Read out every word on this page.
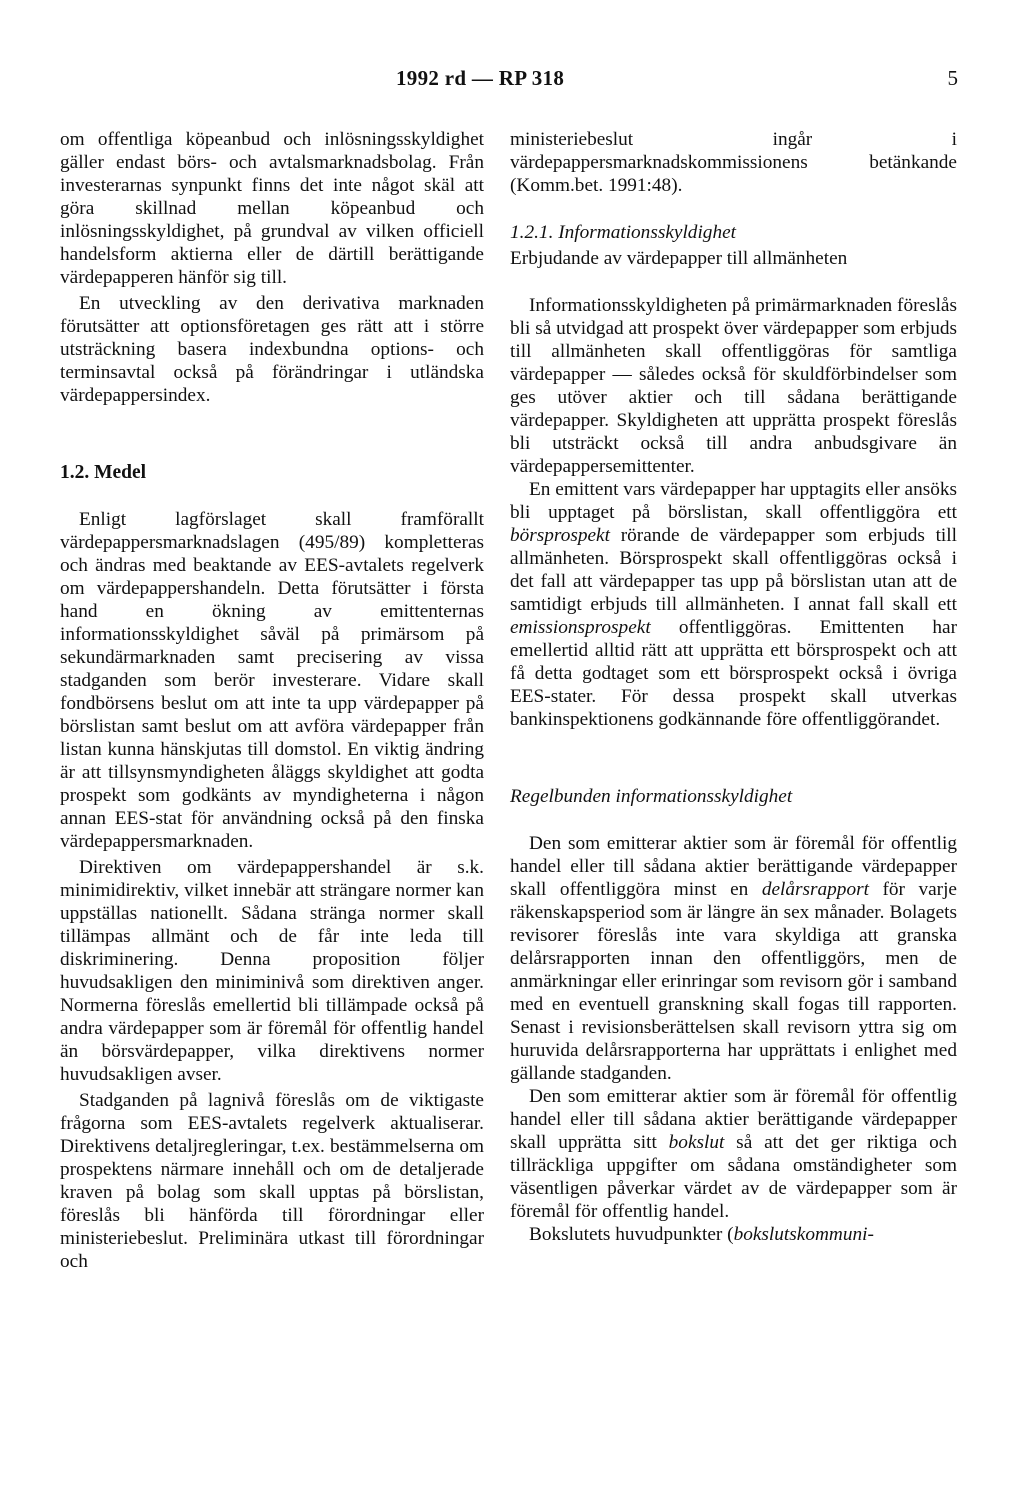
1992 rd — RP 318	5

om offentliga köpeanbud och inlösningsskyldighet gäller endast börs- och avtalsmarknadsbolag. Från investerarnas synpunkt finns det inte något skäl att göra skillnad mellan köpeanbud och inlösningsskyldighet, på grundval av vilken officiell handelsform aktierna eller de därtill berättigande värdepapperen hänför sig till.

En utveckling av den derivativa marknaden förutsätter att optionsföretagen ges rätt att i större utsträckning basera indexbundna options- och terminsavtal också på förändringar i utländska värdepappersindex.

1.2. Medel

Enligt lagförslaget skall framförallt värdepappersmarknadslagen (495/89) kompletteras och ändras med beaktande av EES-avtalets regelverk om värdepappershandeln. Detta förutsätter i första hand en ökning av emittenternas informationsskyldighet såväl på primärsom på sekundärmarknaden samt precisering av vissa stadganden som berör investerare. Vidare skall fondbörsens beslut om att inte ta upp värdepapper på börslistan samt beslut om att avföra värdepapper från listan kunna hänskjutas till domstol. En viktig ändring är att tillsynsmyndigheten åläggs skyldighet att godta prospekt som godkänts av myndigheterna i någon annan EES-stat för användning också på den finska värdepappersmarknaden.

Direktiven om värdepappershandel är s.k. minimidirektiv, vilket innebär att strängare normer kan uppställas nationellt. Sådana stränga normer skall tillämpas allmänt och de får inte leda till diskriminering. Denna proposition följer huvudsakligen den miniminivå som direktiven anger. Normerna föreslås emellertid bli tillämpade också på andra värdepapper som är föremål för offentlig handel än börsvärdepapper, vilka direktivens normer huvudsakligen avser.

Stadganden på lagnivå föreslås om de viktigaste frågorna som EES-avtalets regelverk aktualiserar. Direktivens detaljregleringar, t.ex. bestämmelserna om prospektens närmare innehåll och om de detaljerade kraven på bolag som skall upptas på börslistan, föreslås bli hänförda till förordningar eller ministeriebeslut. Preliminära utkast till förordningar och

ministeriebeslut ingår i värdepappersmarknadskommissionens betänkande (Komm.bet. 1991:48).

1.2.1. Informationsskyldighet

Erbjudande av värdepapper till allmänheten

Informationsskyldigheten på primärmarknaden föreslås bli så utvidgad att prospekt över värdepapper som erbjuds till allmänheten skall offentliggöras för samtliga värdepapper — således också för skuldförbindelser som ges utöver aktier och till sådana berättigande värdepapper. Skyldigheten att upprätta prospekt föreslås bli utsträckt också till andra anbudsgivare än värdepappersemittenter.

En emittent vars värdepapper har upptagits eller ansöks bli upptaget på börslistan, skall offentliggöra ett börsprospekt rörande de värdepapper som erbjuds till allmänheten. Börsprospekt skall offentliggöras också i det fall att värdepapper tas upp på börslistan utan att de samtidigt erbjuds till allmänheten. I annat fall skall ett emissionsprospekt offentliggöras. Emittenten har emellertid alltid rätt att upprätta ett börsprospekt och att få detta godtaget som ett börsprospekt också i övriga EES-stater. För dessa prospekt skall utverkas bankinspektionens godkännande före offentliggörandet.

Regelbunden informationsskyldighet

Den som emitterar aktier som är föremål för offentlig handel eller till sådana aktier berättigande värdepapper skall offentliggöra minst en delårsrapport för varje räkenskapsperiod som är längre än sex månader. Bolagets revisorer föreslås inte vara skyldiga att granska delårsrapporten innan den offentliggörs, men de anmärkningar eller erinringar som revisorn gör i samband med en eventuell granskning skall fogas till rapporten. Senast i revisionsberättelsen skall revisorn yttra sig om huruvida delårsrapporterna har upprättats i enlighet med gällande stadganden.

Den som emitterar aktier som är föremål för offentlig handel eller till sådana aktier berättigande värdepapper skall upprätta sitt bokslut så att det ger riktiga och tillräckliga uppgifter om sådana omständigheter som väsentligen påverkar värdet av de värdepapper som är föremål för offentlig handel.

Bokslutets huvudpunkter (bokslutskommuni-
